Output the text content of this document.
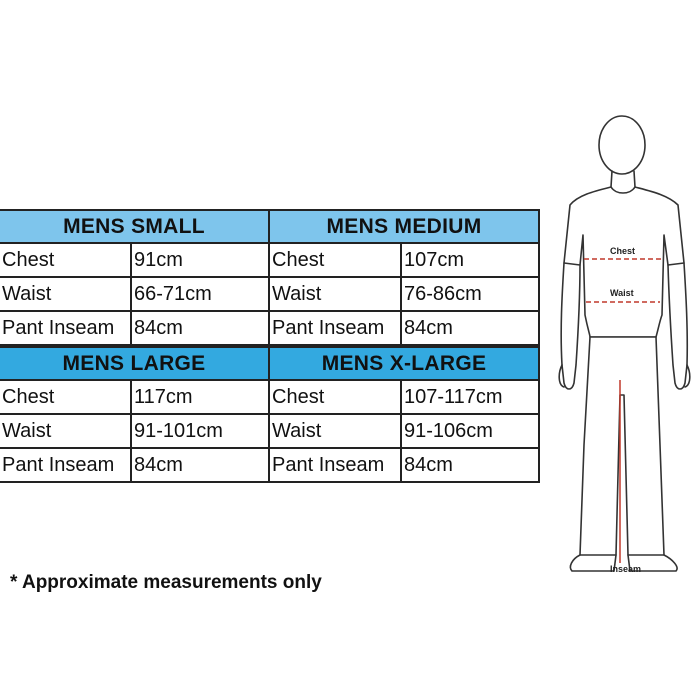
MENS SMALL	
Chest	91cm
Waist	66-71cm
Pant Inseam	84cm
MENS MEDIUM	
Chest	107cm
Waist	76-86cm
Pant Inseam	84cm
MENS LARGE	
Chest	117cm
Waist	91-101cm
Pant Inseam	84cm
MENS X-LARGE	
Chest	107-117cm
Waist	91-106cm
Pant Inseam	84cm
* Approximate measurements only
Chest
Waist
Inseam
